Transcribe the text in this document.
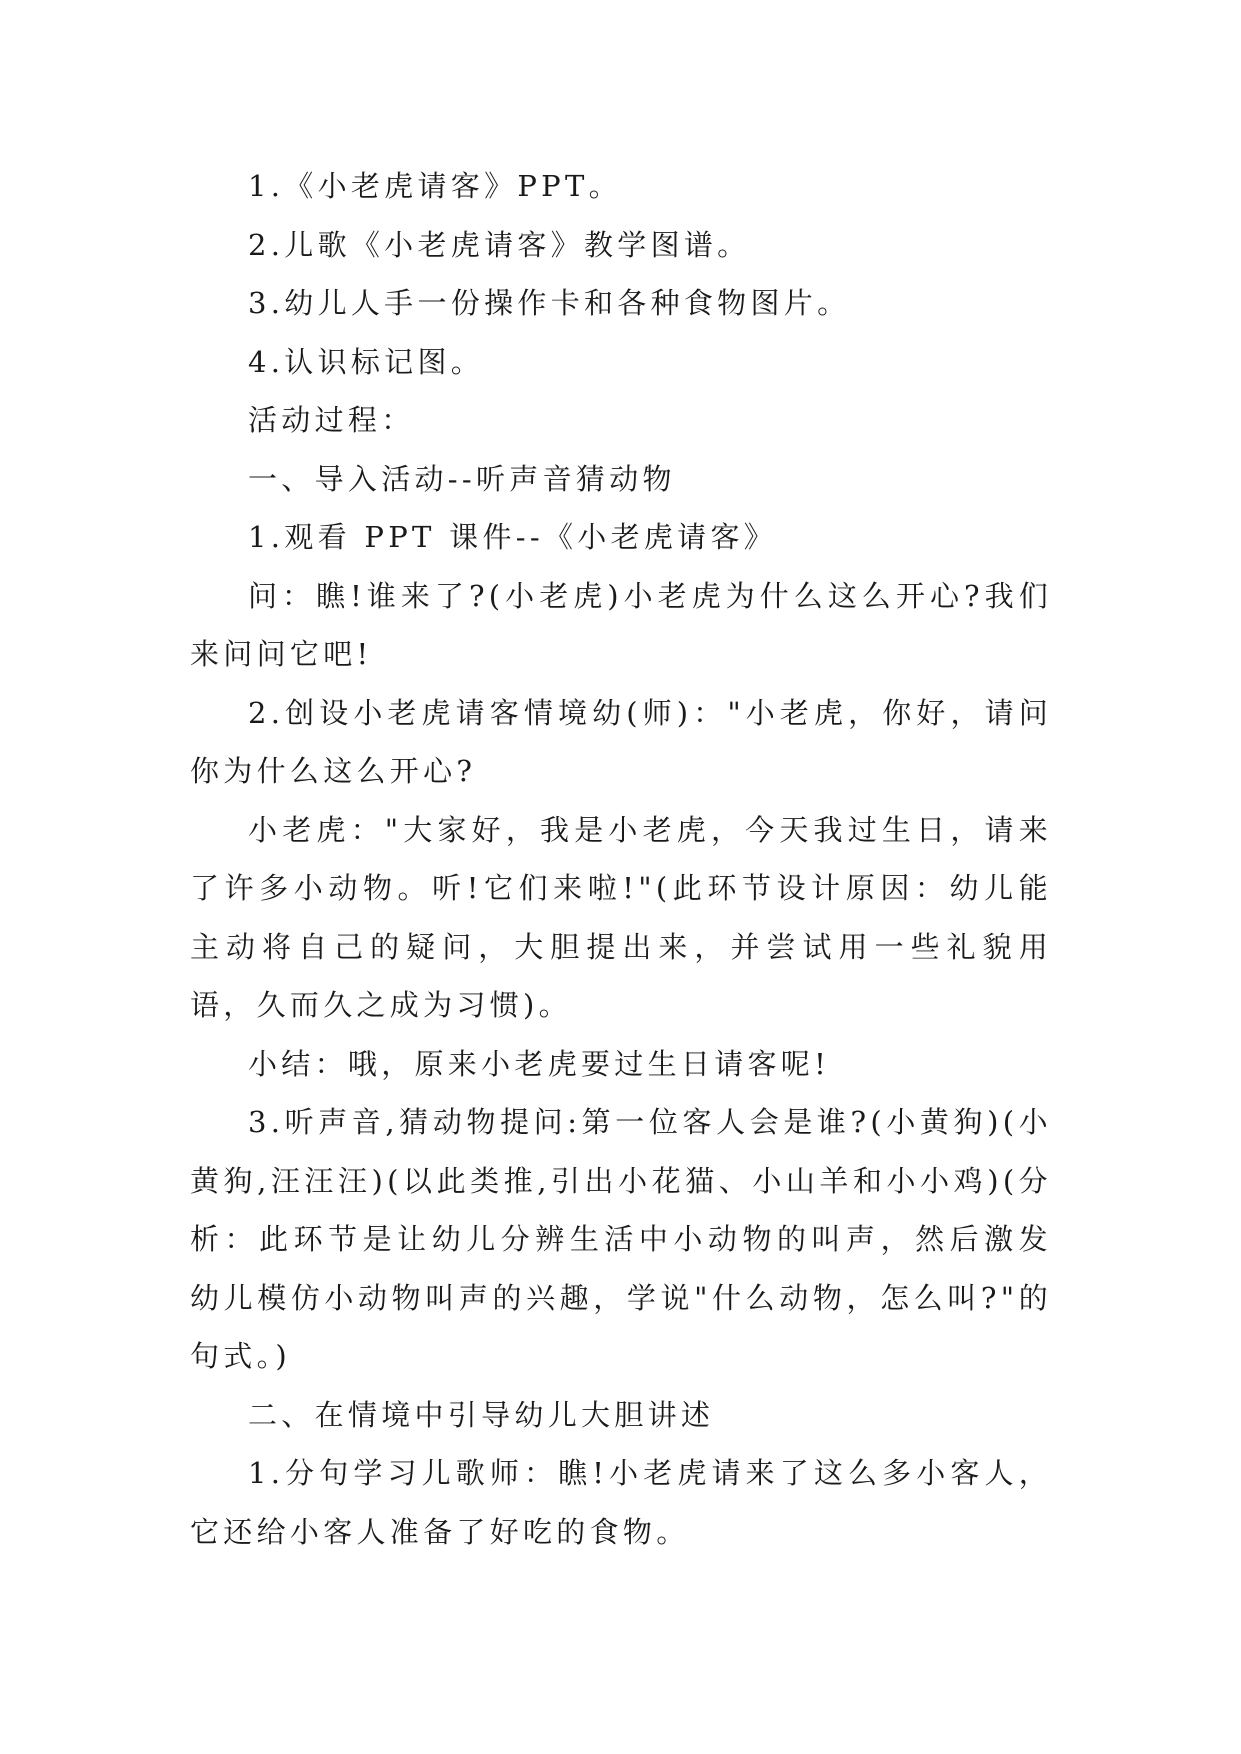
1.《小老虎请客》PPT。

2.儿歌《小老虎请客》教学图谱。

3.幼儿人手一份操作卡和各种食物图片。

4.认识标记图。

活动过程：

一、导入活动--听声音猜动物

1.观看 PPT 课件--《小老虎请客》

问：瞧!谁来了?(小老虎)小老虎为什么这么开心?我们来问问它吧!

2.创设小老虎请客情境幼(师)："小老虎，你好，请问你为什么这么开心?

小老虎："大家好，我是小老虎，今天我过生日，请来了许多小动物。听!它们来啦!"(此环节设计原因：幼儿能主动将自己的疑问，大胆提出来，并尝试用一些礼貌用语，久而久之成为习惯)。

小结：哦，原来小老虎要过生日请客呢!

3.听声音,猜动物提问:第一位客人会是谁?(小黄狗)(小黄狗,汪汪汪)(以此类推,引出小花猫、小山羊和小小鸡)(分析：此环节是让幼儿分辨生活中小动物的叫声，然后激发幼儿模仿小动物叫声的兴趣，学说"什么动物，怎么叫?"的句式。)

二、在情境中引导幼儿大胆讲述

1.分句学习儿歌师：瞧!小老虎请来了这么多小客人，它还给小客人准备了好吃的食物。
